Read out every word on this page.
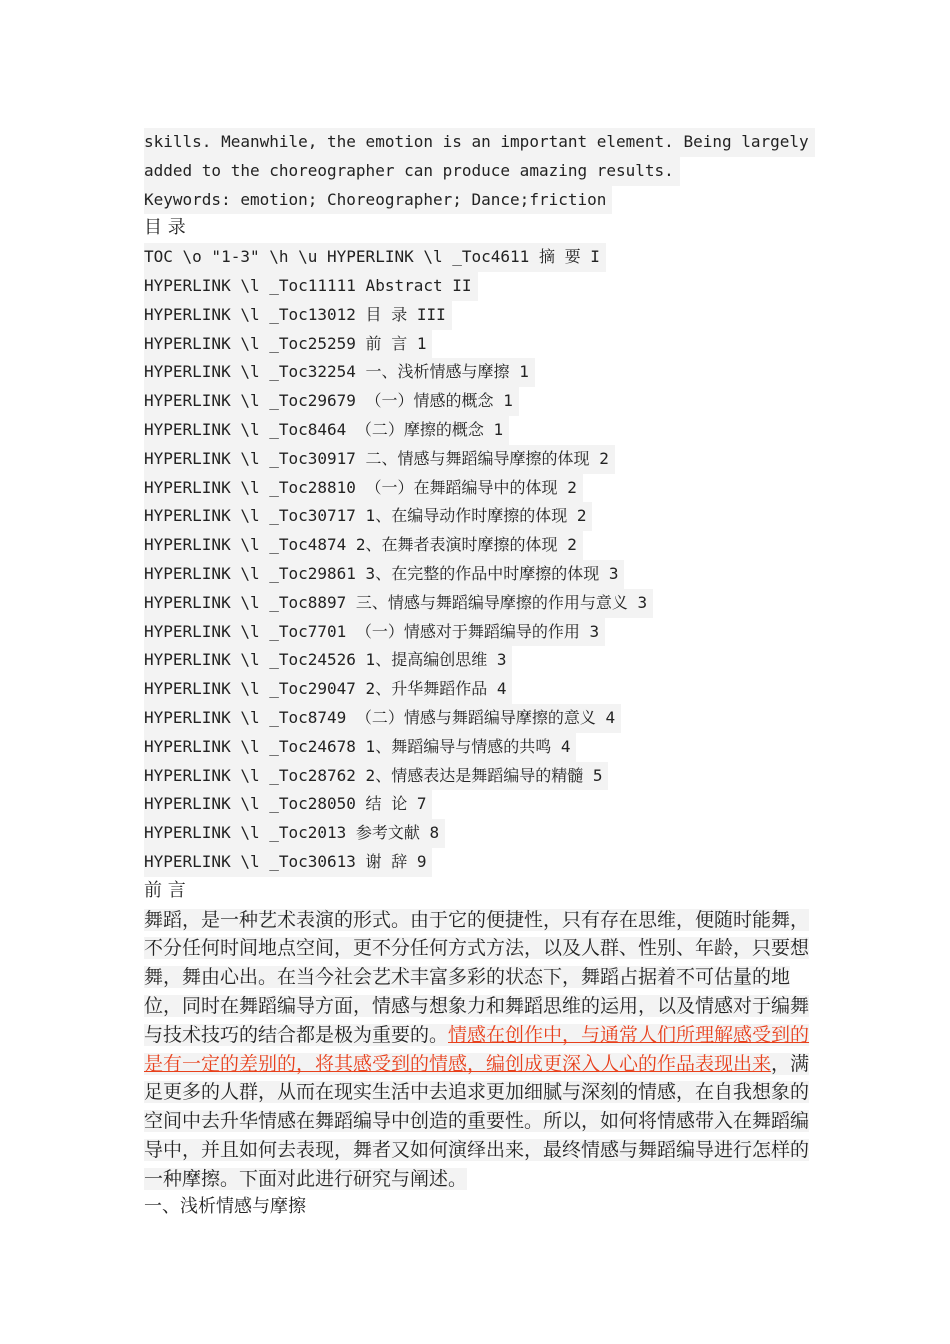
skills. Meanwhile, the emotion is an important element. Being largely
added to the choreographer can produce amazing results.
Keywords: emotion; Choreographer; Dance;friction
目 录
TOC \o "1-3" \h \u HYPERLINK \l _Toc4611 摘 要 I
HYPERLINK \l _Toc11111 Abstract II
HYPERLINK \l _Toc13012 目 录 III
HYPERLINK \l _Toc25259 前 言 1
HYPERLINK \l _Toc32254 一、浅析情感与摩擦 1
HYPERLINK \l _Toc29679 （一）情感的概念 1
HYPERLINK \l _Toc8464 （二）摩擦的概念 1
HYPERLINK \l _Toc30917 二、情感与舞蹈编导摩擦的体现 2
HYPERLINK \l _Toc28810 （一）在舞蹈编导中的体现 2
HYPERLINK \l _Toc30717 1、在编导动作时摩擦的体现 2
HYPERLINK \l _Toc4874 2、在舞者表演时摩擦的体现 2
HYPERLINK \l _Toc29861 3、在完整的作品中时摩擦的体现 3
HYPERLINK \l _Toc8897 三、情感与舞蹈编导摩擦的作用与意义 3
HYPERLINK \l _Toc7701 （一）情感对于舞蹈编导的作用 3
HYPERLINK \l _Toc24526 1、提高编创思维 3
HYPERLINK \l _Toc29047 2、升华舞蹈作品 4
HYPERLINK \l _Toc8749 （二）情感与舞蹈编导摩擦的意义 4
HYPERLINK \l _Toc24678 1、舞蹈编导与情感的共鸣 4
HYPERLINK \l _Toc28762 2、情感表达是舞蹈编导的精髓 5
HYPERLINK \l _Toc28050 结 论 7
HYPERLINK \l _Toc2013 参考文献 8
HYPERLINK \l _Toc30613 谢 辞 9
前 言

舞蹈，是一种艺术表演的形式。由于它的便捷性，只有存在思维，便随时能舞，不分任何时间地点空间，更不分任何方式方法，以及人群、性别、年龄，只要想舞，舞由心出。在当今社会艺术丰富多彩的状态下，舞蹈占据着不可估量的地位，同时在舞蹈编导方面，情感与想象力和舞蹈思维的运用，以及情感对于编舞与技术技巧的结合都是极为重要的。情感在创作中，与通常人们所理解感受到的是有一定的差别的，将其感受到的情感，编创成更深入人心的作品表现出来，满足更多的人群，从而在现实生活中去追求更加细腻与深刻的情感，在自我想象的空间中去升华情感在舞蹈编导中创造的重要性。所以，如何将情感带入在舞蹈编导中，并且如何去表现，舞者又如何演绎出来，最终情感与舞蹈编导进行怎样的一种摩擦。下面对此进行研究与阐述。

一、浅析情感与摩擦
